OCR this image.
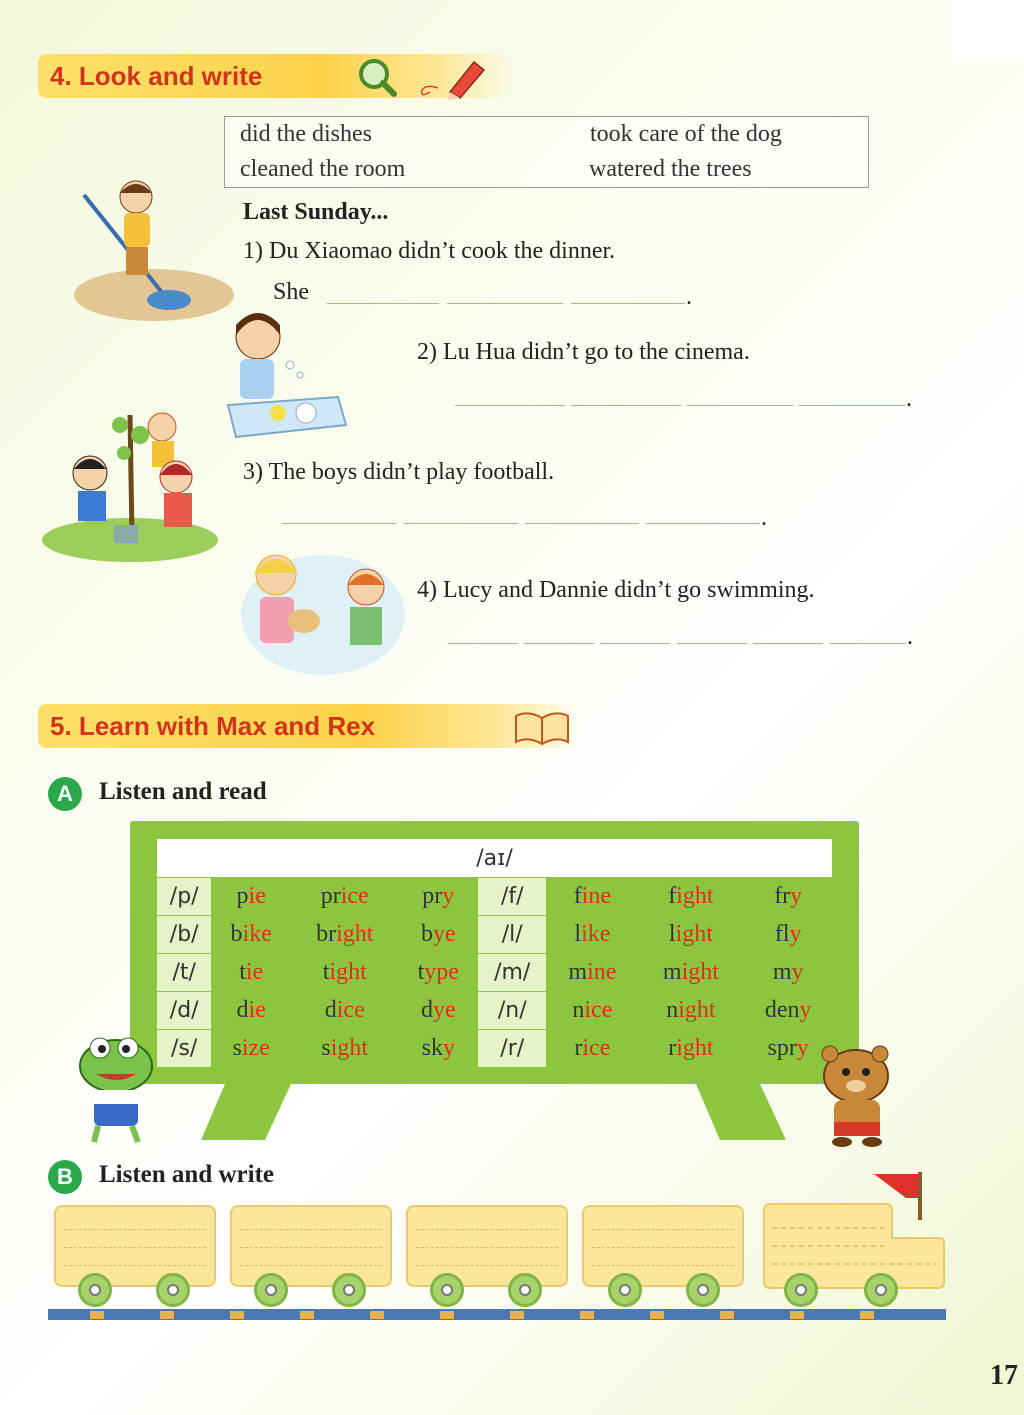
4. Look and write
did the dishes	took care of the dog
cleaned the room	watered the trees
Last Sunday...
1) Du Xiaomao didn’t cook the dinner.
She	.
2) Lu Hua didn’t go to the cinema.
.
3) The boys didn’t play football.
.
4) Lucy and Dannie didn’t go swimming.
.
5. Learn with Max and Rex
A	Listen and read
/aɪ/							
/p/	pie	price	pry	/f/	fine	fight	fry
/b/	bike	bright	bye	/l/	like	light	fly
/t/	tie	tight	type	/m/	mine	might	my
/d/	die	dice	dye	/n/	nice	night	deny
/s/	size	sight	sky	/r/	rice	right	spry
B	Listen and write
17
